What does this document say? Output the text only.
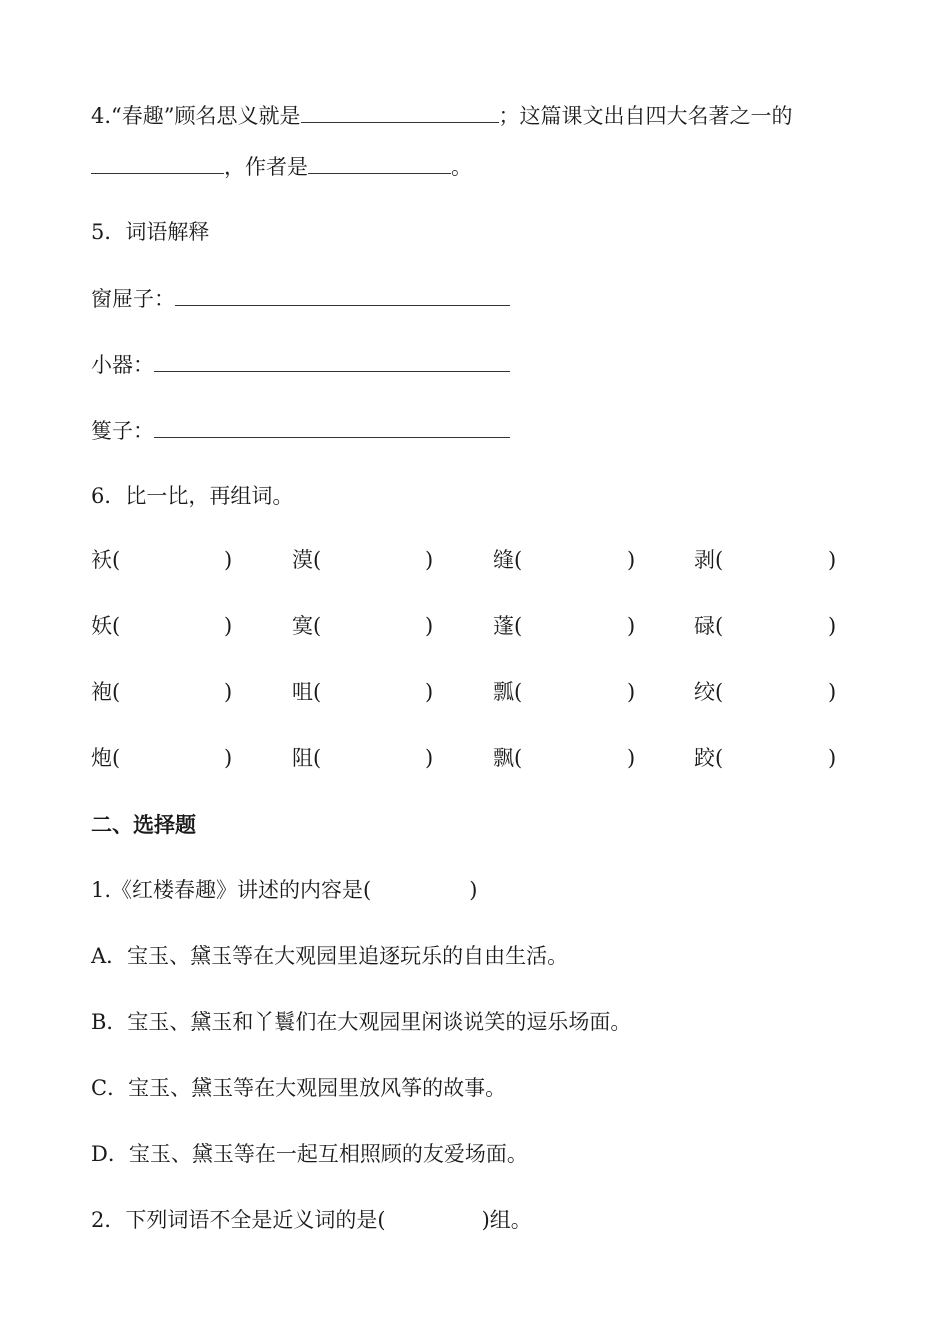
4.“春趣”顾名思义就是	；这篇课文出自四大名著之一的
，作者是	。
5．词语解释
窗屉子：
小器：
篗子：
6．比一比，再组词。
袄(	)	漠(	)	缝(	)	剥(	)
妖(	)	寞(	)	蓬(	)	碌(	)
袍(	)	咀(	)	瓢(	)	绞(	)
炮(	)	阻(	)	飘(	)	跤(	)
二、选择题
1.《红楼春趣》讲述的内容是(	)
A．宝玉、黛玉等在大观园里追逐玩乐的自由生活。
B．宝玉、黛玉和丫鬟们在大观园里闲谈说笑的逗乐场面。
C．宝玉、黛玉等在大观园里放风筝的故事。
D．宝玉、黛玉等在一起互相照顾的友爱场面。
2．下列词语不全是近义词的是(	)组。
